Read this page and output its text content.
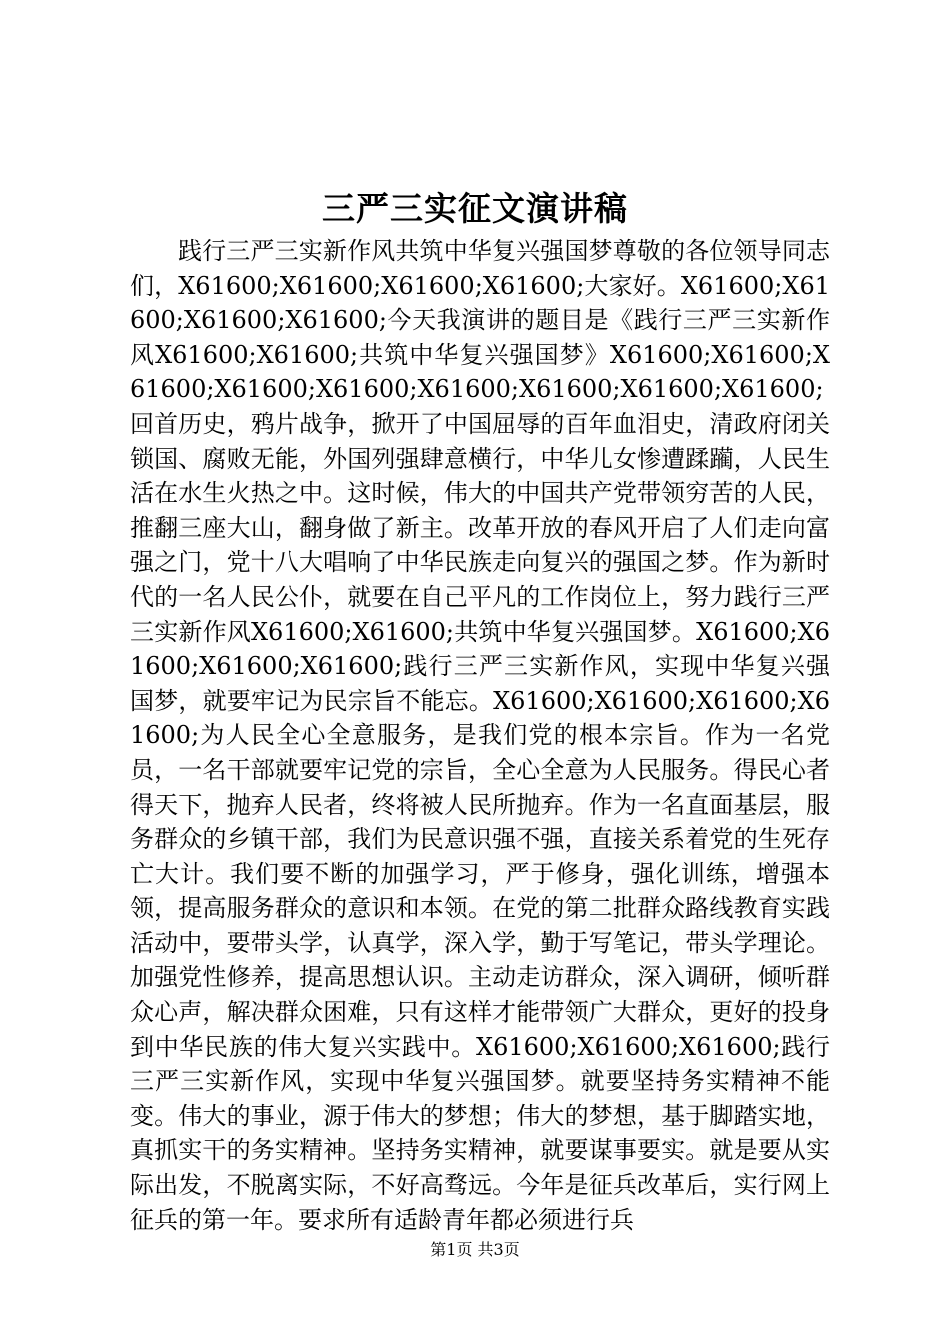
三严三实征文演讲稿

践行三严三实新作风共筑中华复兴强国梦尊敬的各位领导同志们，X61600;X61600;X61600;X61600;大家好。X61600;X61600;X61600;X61600;今天我演讲的题目是《践行三严三实新作风X61600;X61600;共筑中华复兴强国梦》X61600;X61600;X61600;X61600;X61600;X61600;X61600;X61600;X61600;回首历史，鸦片战争，掀开了中国屈辱的百年血泪史，清政府闭关锁国、腐败无能，外国列强肆意横行，中华儿女惨遭蹂躏，人民生活在水生火热之中。这时候，伟大的中国共产党带领穷苦的人民，推翻三座大山，翻身做了新主。改革开放的春风开启了人们走向富强之门，党十八大唱响了中华民族走向复兴的强国之梦。作为新时代的一名人民公仆，就要在自己平凡的工作岗位上，努力践行三严三实新作风X61600;X61600;共筑中华复兴强国梦。X61600;X61600;X61600;X61600;践行三严三实新作风，实现中华复兴强国梦，就要牢记为民宗旨不能忘。X61600;X61600;X61600;X61600;为人民全心全意服务，是我们党的根本宗旨。作为一名党员，一名干部就要牢记党的宗旨，全心全意为人民服务。得民心者得天下，抛弃人民者，终将被人民所抛弃。作为一名直面基层，服务群众的乡镇干部，我们为民意识强不强，直接关系着党的生死存亡大计。我们要不断的加强学习，严于修身，强化训练，增强本领，提高服务群众的意识和本领。在党的第二批群众路线教育实践活动中，要带头学，认真学，深入学，勤于写笔记，带头学理论。加强党性修养，提高思想认识。主动走访群众，深入调研，倾听群众心声，解决群众困难，只有这样才能带领广大群众，更好的投身到中华民族的伟大复兴实践中。X61600;X61600;X61600;践行三严三实新作风，实现中华复兴强国梦。就要坚持务实精神不能变。伟大的事业，源于伟大的梦想；伟大的梦想，基于脚踏实地，真抓实干的务实精神。坚持务实精神，就要谋事要实。就是要从实际出发，不脱离实际，不好高骛远。今年是征兵改革后，实行网上征兵的第一年。要求所有适龄青年都必须进行兵

第1页 共3页
